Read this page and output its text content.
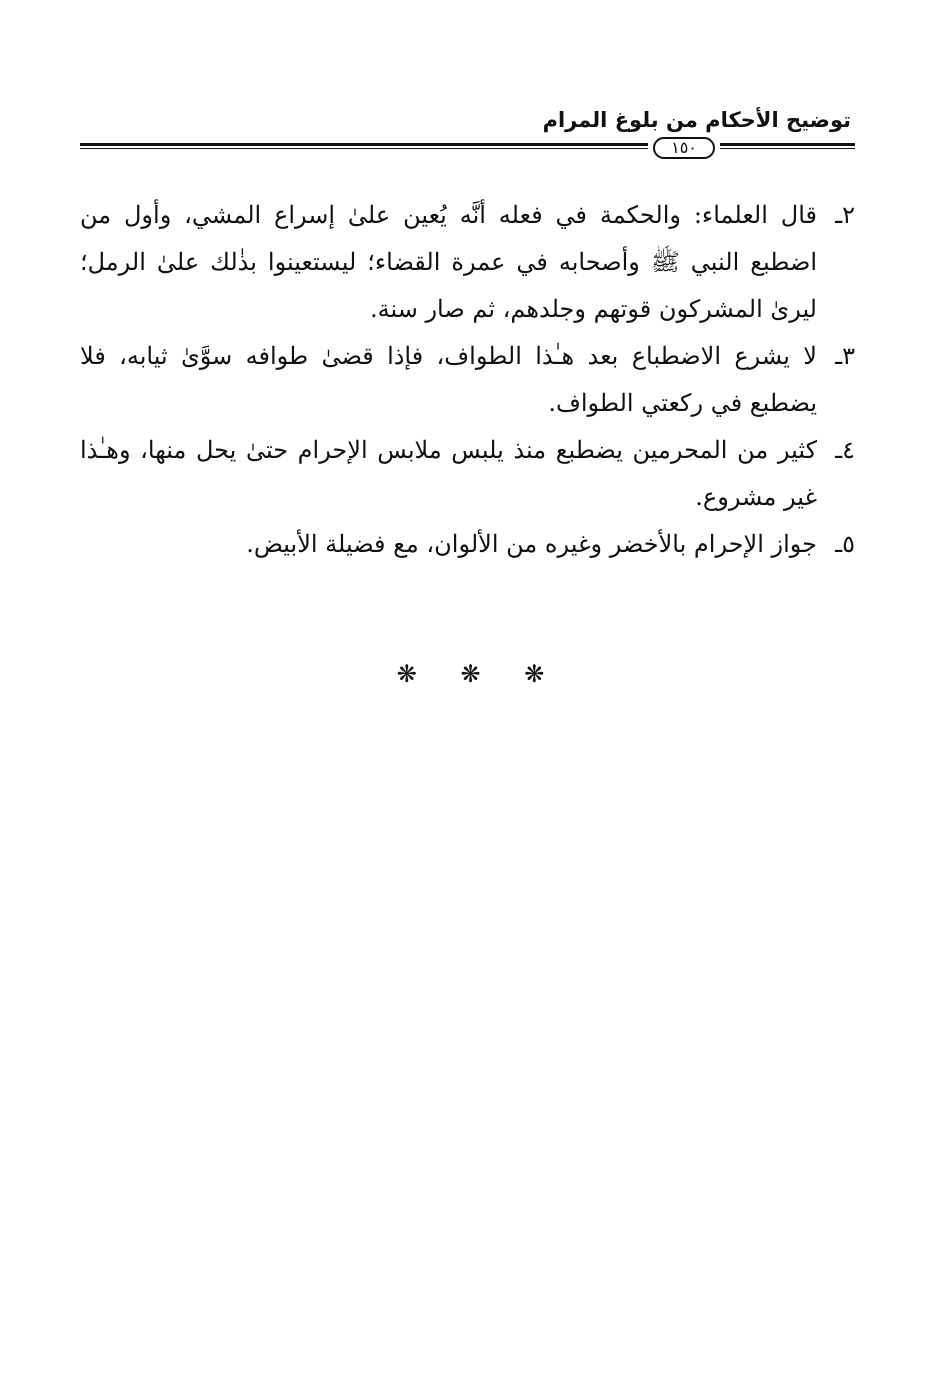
توضيح الأحكام من بلوغ المرام
١٥٠

٢ـ
قال العلماء: والحكمة في فعله أنَّه يُعين علىٰ إسراع المشي، وأول من اضطبع النبي ﷺ وأصحابه في عمرة القضاء؛ ليستعينوا بذٰلك علىٰ الرمل؛ ليرىٰ المشركون قوتهم وجلدهم، ثم صار سنة.

٣ـ
لا يشرع الاضطباع بعد هـٰذا الطواف، فإذا قضىٰ طوافه سوَّىٰ ثيابه، فلا يضطبع في ركعتي الطواف.

٤ـ
كثير من المحرمين يضطبع منذ يلبس ملابس الإحرام حتىٰ يحل منها، وهـٰذا غير مشروع.

٥ـ
جواز الإحرام بالأخضر وغيره من الألوان، مع فضيلة الأبيض.

❋ ❋ ❋
